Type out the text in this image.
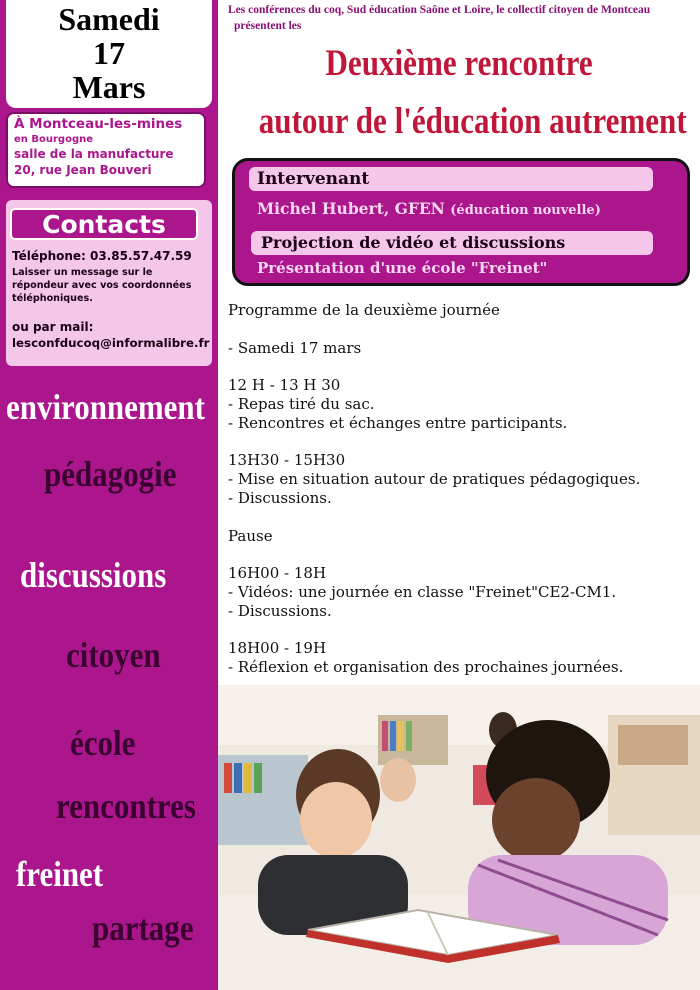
Samedi
17
Mars
À Montceau-les-mines
en Bourgogne
salle de la manufacture
20, rue Jean Bouveri
Contacts
Téléphone: 03.85.57.47.59
Laisser un message sur le
répondeur avec vos coordonnées
téléphoniques.
ou par mail:
lesconfducoq@informalibre.fr
environnement
pédagogie
discussions
citoyen
école
rencontres
freinet
partage
Les conférences du coq, Sud éducation Saône et Loire, le collectif citoyen de Montceau
présentent les
Deuxième rencontre
autour de l'éducation autrement
Intervenant
Michel Hubert, GFEN (éducation nouvelle)
Projection de vidéo et discussions
Présentation d'une école "Freinet"
Programme de la deuxième journée
- Samedi 17 mars
12 H - 13 H 30
- Repas tiré du sac.
- Rencontres et échanges entre participants.
13H30 - 15H30
- Mise en situation autour de pratiques pédagogiques.
- Discussions.
Pause
16H00 - 18H
- Vidéos: une journée en classe "Freinet"CE2-CM1.
- Discussions.
18H00 - 19H
- Réflexion et organisation des prochaines journées.
